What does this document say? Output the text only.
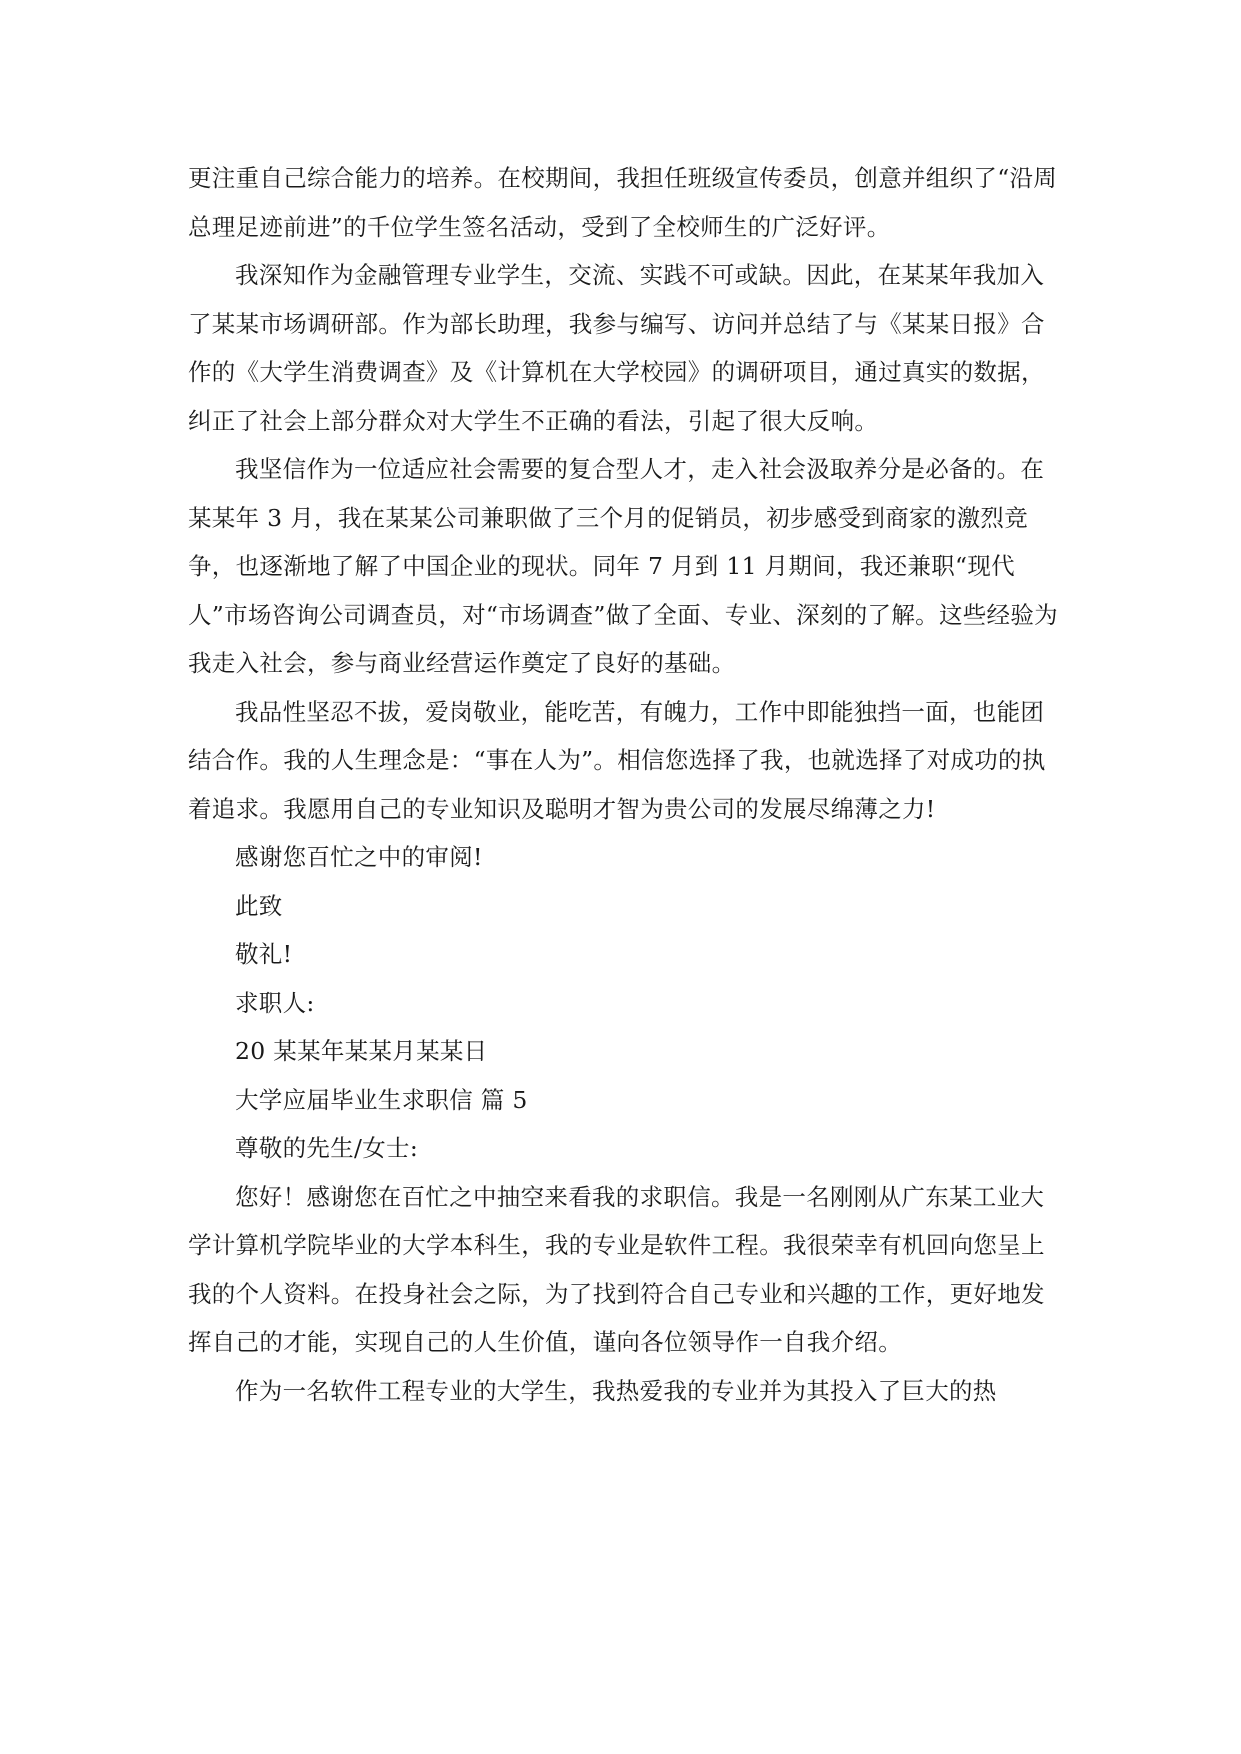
更注重自己综合能力的培养。在校期间，我担任班级宣传委员，创意并组织了“沿周总理足迹前进”的千位学生签名活动，受到了全校师生的广泛好评。

我深知作为金融管理专业学生，交流、实践不可或缺。因此，在某某年我加入了某某市场调研部。作为部长助理，我参与编写、访问并总结了与《某某日报》合作的《大学生消费调查》及《计算机在大学校园》的调研项目，通过真实的数据，纠正了社会上部分群众对大学生不正确的看法，引起了很大反响。

我坚信作为一位适应社会需要的复合型人才，走入社会汲取养分是必备的。在某某年 3 月，我在某某公司兼职做了三个月的促销员，初步感受到商家的激烈竞争，也逐渐地了解了中国企业的现状。同年 7 月到 11 月期间，我还兼职“现代人”市场咨询公司调查员，对“市场调查”做了全面、专业、深刻的了解。这些经验为我走入社会，参与商业经营运作奠定了良好的基础。

我品性坚忍不拔，爱岗敬业，能吃苦，有魄力，工作中即能独挡一面，也能团结合作。我的人生理念是：“事在人为”。相信您选择了我，也就选择了对成功的执着追求。我愿用自己的专业知识及聪明才智为贵公司的发展尽绵薄之力!

感谢您百忙之中的审阅!

此致

敬礼!

求职人:

20 某某年某某月某某日

大学应届毕业生求职信 篇 5

尊敬的先生/女士:

您好！感谢您在百忙之中抽空来看我的求职信。我是一名刚刚从广东某工业大学计算机学院毕业的大学本科生，我的专业是软件工程。我很荣幸有机回向您呈上我的个人资料。在投身社会之际，为了找到符合自己专业和兴趣的工作，更好地发挥自己的才能，实现自己的人生价值，谨向各位领导作一自我介绍。

作为一名软件工程专业的大学生，我热爱我的专业并为其投入了巨大的热
